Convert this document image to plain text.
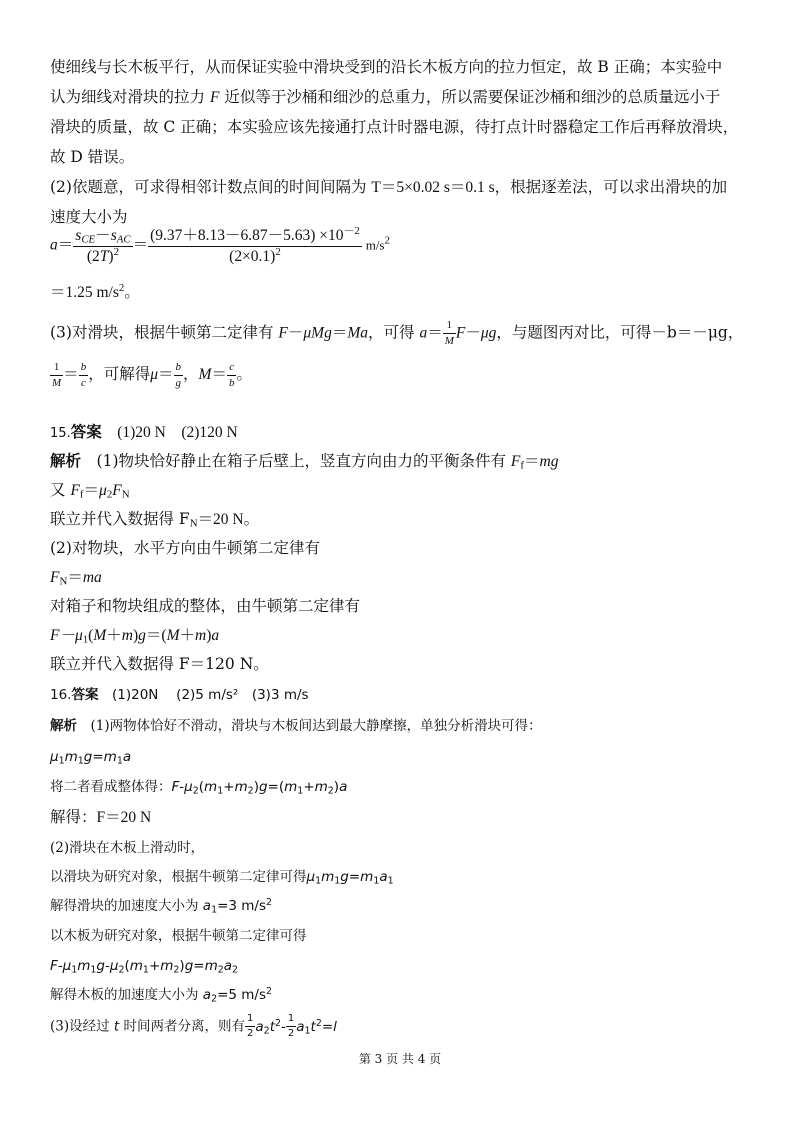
使细线与长木板平行，从而保证实验中滑块受到的沿长木板方向的拉力恒定，故 B 正确；本实验中
认为细线对滑块的拉力 F 近似等于沙桶和细沙的总重力，所以需要保证沙桶和细沙的总质量远小于
滑块的质量，故 C 正确；本实验应该先接通打点计时器电源，待打点计时器稳定工作后再释放滑块，
故 D 错误。
(2)依题意，可求得相邻计数点间的时间间隔为 T＝5×0.02 s＝0.1 s，根据逐差法，可以求出滑块的加
速度大小为
$a= \frac{s_{CE}-s_{AC}}{(2T)^2} = \frac{(9.37+8.13-6.87-5.63) \times 10^{-2}}{(2\times 0.1)^2} m/s^2$
＝1.25 $m/s^2$。
(3)对滑块，根据牛顿第二定律有 F－μMg＝Ma，可得 $a= \frac{1}{M} F-\mu g$，与题图丙对比，可得－b＝－μg，
$\frac{1}{M} = \frac{b}{c}$ ，可解得$\mu= \frac{b}{g}$ ，$M= \frac{c}{b}$ 。
15.答案　 (1)20 N　(2)120 N
解析　 (1)物块恰好静止在箱子后壁上，竖直方向由力的平衡条件有 $F_f=mg$
又 $F_f=\mu_2F_N$
联立并代入数据得 $F_N=20$ N。
(2)对物块，水平方向由牛顿第二定律有
$F_N=ma$
对箱子和物块组成的整体，由牛顿第二定律有
$F-\mu_1(M+m)g=(M+m)a$
联立并代入数据得 F＝120 N。
16.答案　 (1)20N　 (2)5 m/s²　(3)3 m/s
解析　 (1)两物体恰好不滑动，滑块与木板间达到最大静摩擦，单独分析滑块可得：
$\mu_1m_1g=m_1a$
将二者看成整体得：$F-\mu_2(m_1+m_2)g=(m_1+m_2)a$
解得：F＝20 N
(2)滑块在木板上滑动时，
以滑块为研究对象，根据牛顿第二定律可得$\mu_1m_1g=m_1a_1$
解得滑块的加速度大小为 $a_1=3$ $m/s^2$
以木板为研究对象，根据牛顿第二定律可得
$F-\mu_1m_1g-\mu_2(m_1+m_2)g=m_2a_2$
解得木板的加速度大小为 $a_2=5$ $m/s^2$
(3)设经过 t 时间两者分离，则有 $\frac{1}{2} a_2t^2- \frac{1}{2} a_1t^2=l$
第 3 页 共 4 页
